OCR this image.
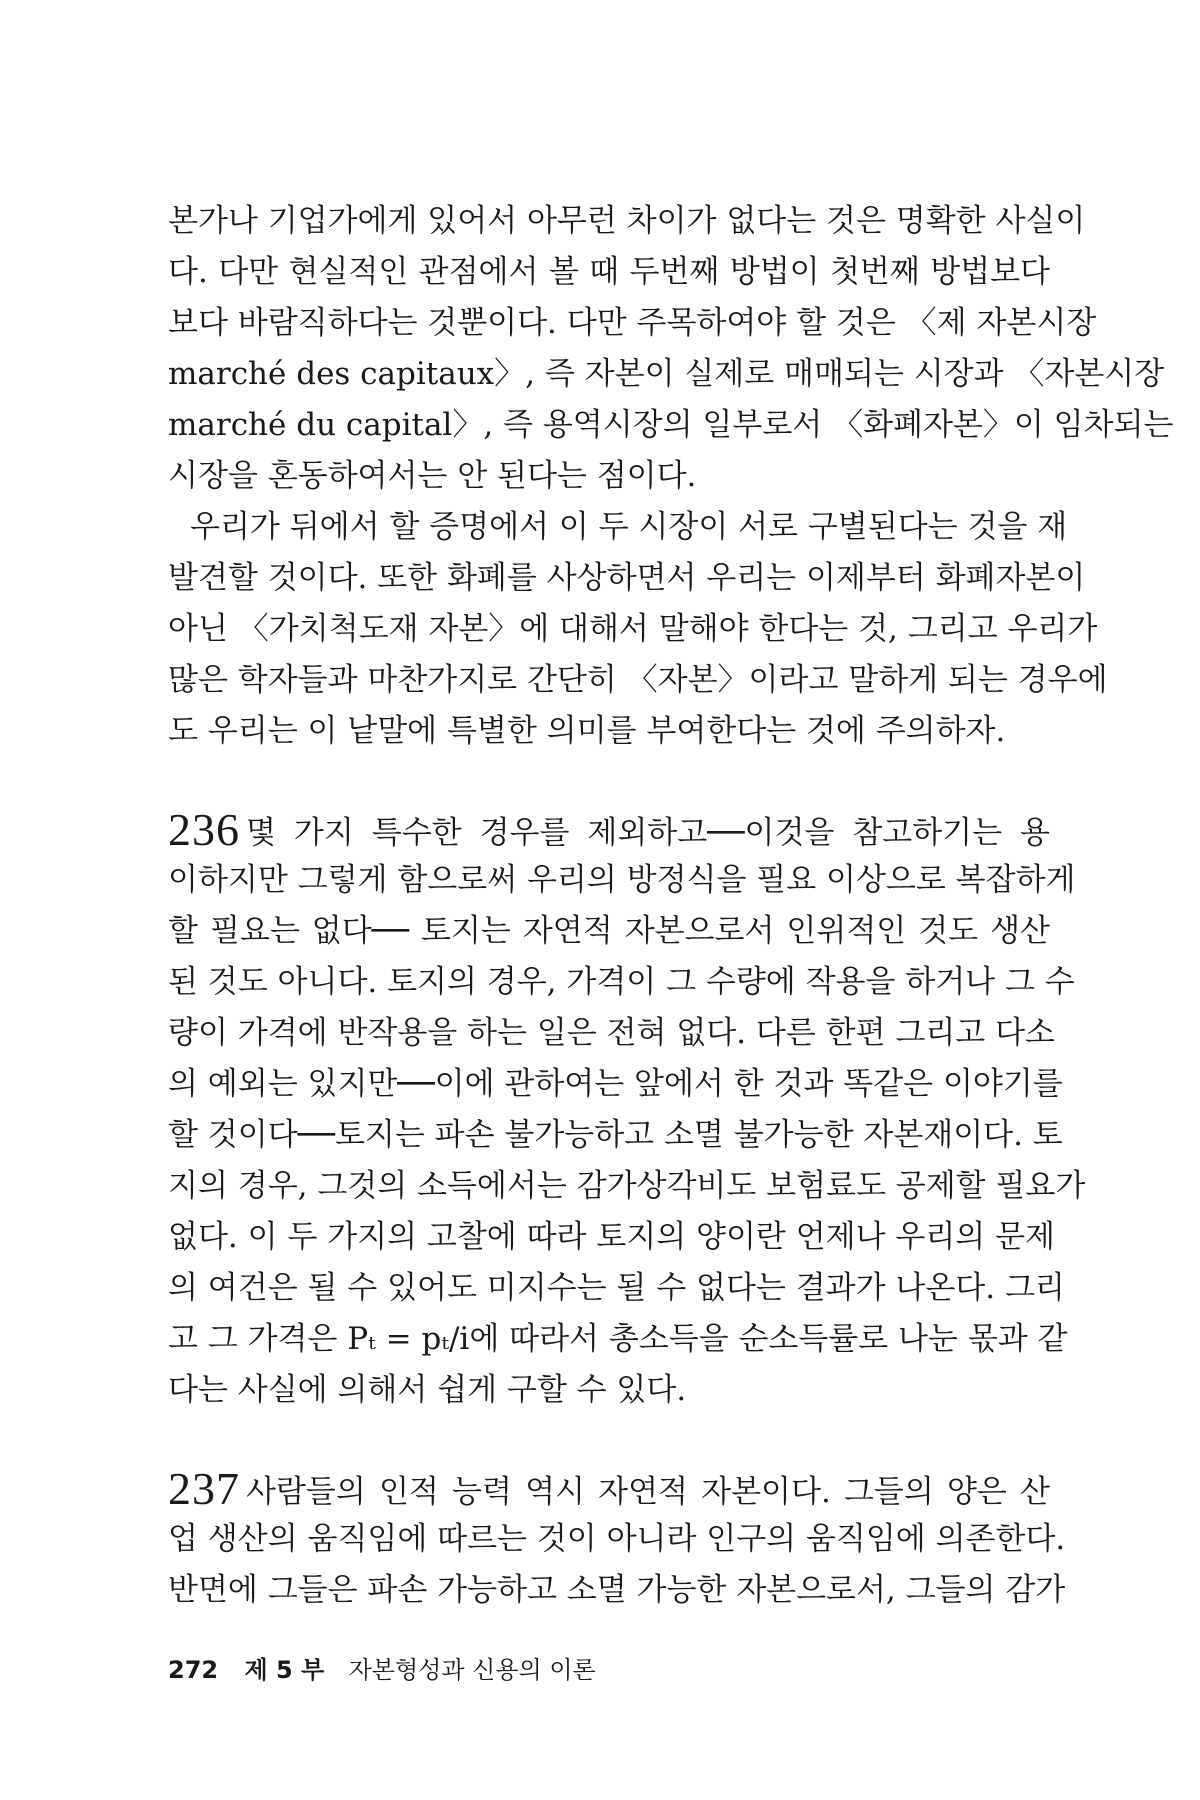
본가나 기업가에게 있어서 아무런 차이가 없다는 것은 명확한 사실이
다. 다만 현실적인 관점에서 볼 때 두번째 방법이 첫번째 방법보다
보다 바람직하다는 것뿐이다. 다만 주목하여야 할 것은 〈제 자본시장
marché des capitaux〉, 즉 자본이 실제로 매매되는 시장과 〈자본시장
marché du capital〉, 즉 용역시장의 일부로서 〈화폐자본〉이 임차되는
시장을 혼동하여서는 안 된다는 점이다.
우리가 뒤에서 할 증명에서 이 두 시장이 서로 구별된다는 것을 재
발견할 것이다. 또한 화폐를 사상하면서 우리는 이제부터 화폐자본이
아닌 〈가치척도재 자본〉에 대해서 말해야 한다는 것, 그리고 우리가
많은 학자들과 마찬가지로 간단히 〈자본〉이라고 말하게 되는 경우에
도 우리는 이 낱말에 특별한 의미를 부여한다는 것에 주의하자.
236 몇 가지 특수한 경우를 제외하고──이것을 참고하기는 용
이하지만 그렇게 함으로써 우리의 방정식을 필요 이상으로 복잡하게
할 필요는 없다── 토지는 자연적 자본으로서 인위적인 것도 생산
된 것도 아니다. 토지의 경우, 가격이 그 수량에 작용을 하거나 그 수
량이 가격에 반작용을 하는 일은 전혀 없다. 다른 한편 그리고 다소
의 예외는 있지만──이에 관하여는 앞에서 한 것과 똑같은 이야기를
할 것이다──토지는 파손 불가능하고 소멸 불가능한 자본재이다. 토
지의 경우, 그것의 소득에서는 감가상각비도 보험료도 공제할 필요가
없다. 이 두 가지의 고찰에 따라 토지의 양이란 언제나 우리의 문제
의 여건은 될 수 있어도 미지수는 될 수 없다는 결과가 나온다. 그리
고 그 가격은 Pₜ = pₜ/i에 따라서 총소득을 순소득률로 나눈 몫과 같
다는 사실에 의해서 쉽게 구할 수 있다.
237 사람들의 인적 능력 역시 자연적 자본이다. 그들의 양은 산
업 생산의 움직임에 따르는 것이 아니라 인구의 움직임에 의존한다.
반면에 그들은 파손 가능하고 소멸 가능한 자본으로서, 그들의 감가
272 제 5 부 자본형성과 신용의 이론
